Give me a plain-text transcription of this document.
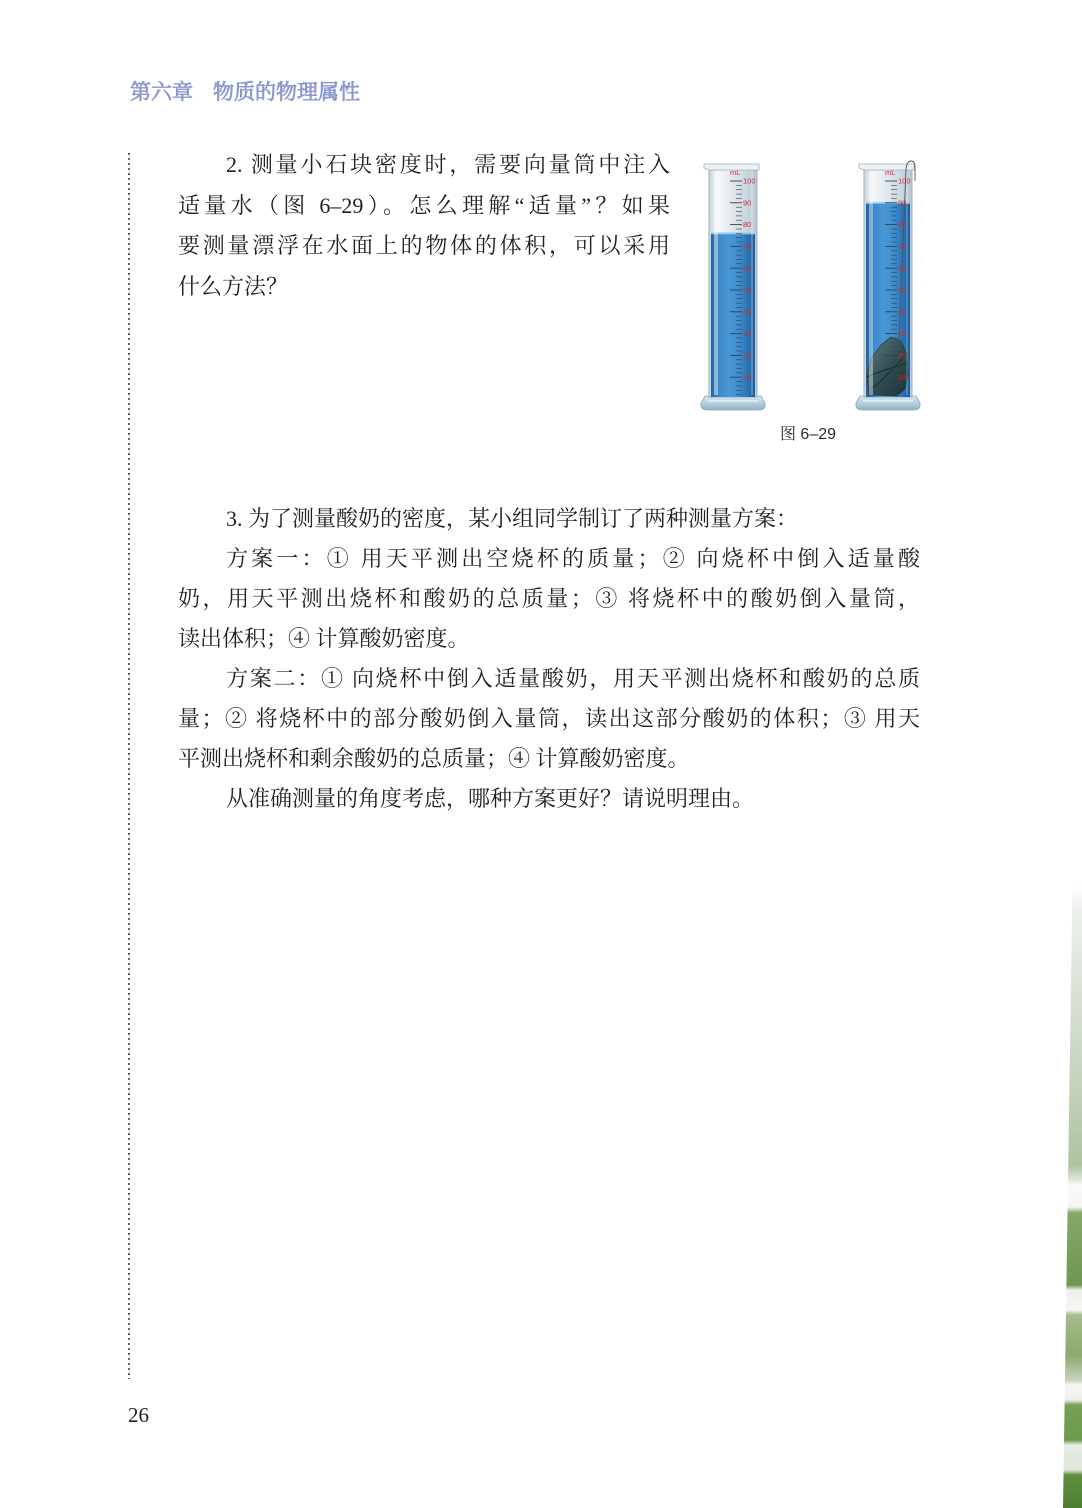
第六章 物质的物理属性
2. 测量小石块密度时，需要向量筒中注入
适量水（图 6–29）。怎么理解“适量”？如果
要测量漂浮在水面上的物体的体积，可以采用
什么方法？
100
90
80
70
60
50
40
30
20
10
mL
100
90
80
70
60
50
40
30
20
10
mL
图 6–29
3. 为了测量酸奶的密度，某小组同学制订了两种测量方案：
方案一：① 用天平测出空烧杯的质量；② 向烧杯中倒入适量酸
奶，用天平测出烧杯和酸奶的总质量；③ 将烧杯中的酸奶倒入量筒，
读出体积；④ 计算酸奶密度。
方案二：① 向烧杯中倒入适量酸奶，用天平测出烧杯和酸奶的总质
量；② 将烧杯中的部分酸奶倒入量筒，读出这部分酸奶的体积；③ 用天
平测出烧杯和剩余酸奶的总质量；④ 计算酸奶密度。
从准确测量的角度考虑，哪种方案更好？请说明理由。
26
